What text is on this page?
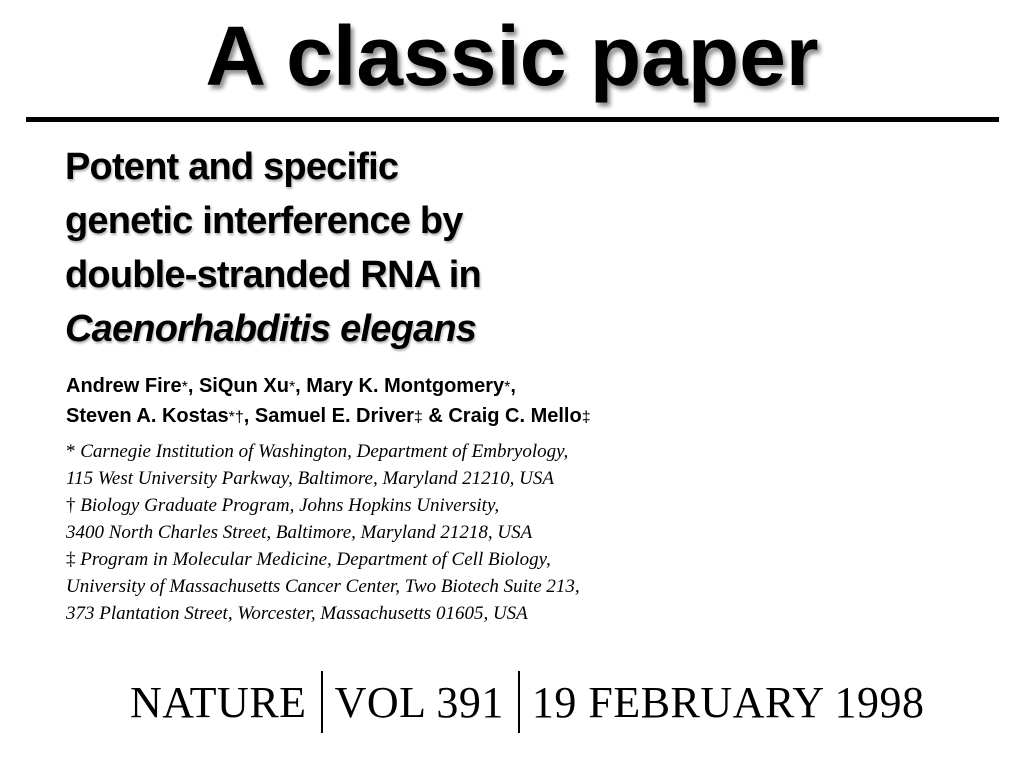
A classic paper
Potent and specific
genetic interference by
double-stranded RNA in
Caenorhabditis elegans
Andrew Fire*, SiQun Xu*, Mary K. Montgomery*,
Steven A. Kostas*†, Samuel E. Driver‡ & Craig C. Mello‡
* Carnegie Institution of Washington, Department of Embryology,
115 West University Parkway, Baltimore, Maryland 21210, USA
† Biology Graduate Program, Johns Hopkins University,
3400 North Charles Street, Baltimore, Maryland 21218, USA
‡ Program in Molecular Medicine, Department of Cell Biology,
University of Massachusetts Cancer Center, Two Biotech Suite 213,
373 Plantation Street, Worcester, Massachusetts 01605, USA
NATURE VOL 391 19 FEBRUARY 1998
